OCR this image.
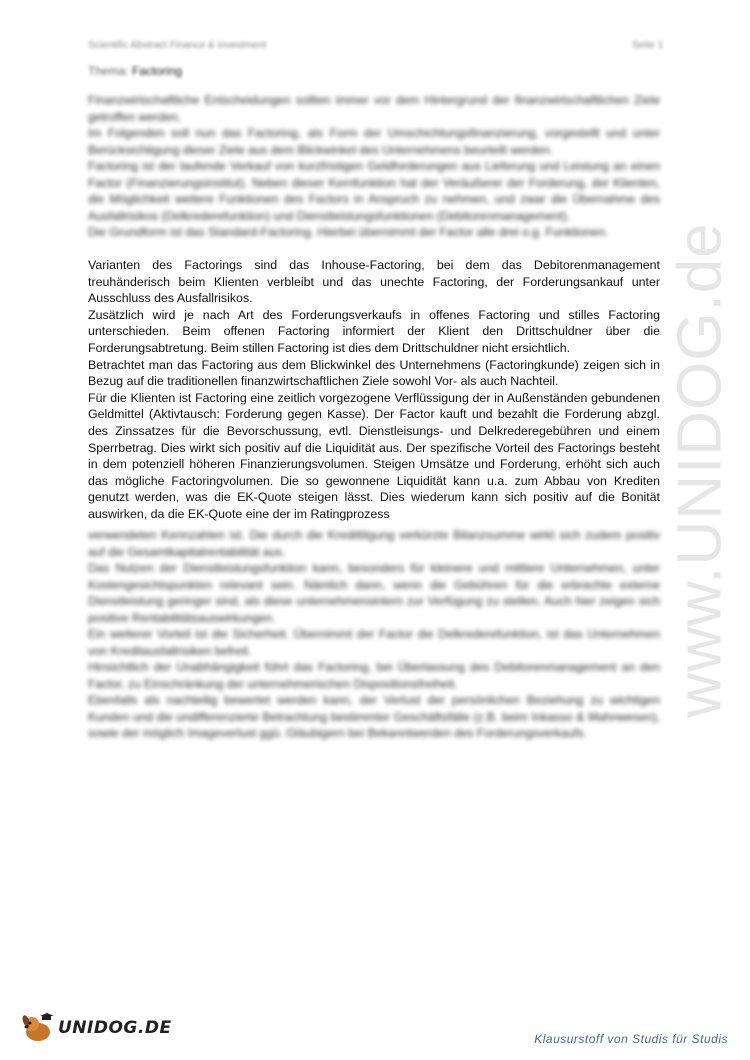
www.UNIDOG.de
Scientific Abstract Finance & Investment	Seite 1
Thema: Factoring

Finanzwirtschaftliche Entscheidungen sollten immer vor dem Hintergrund der finanzwirtschaftlichen Ziele getroffen werden.

Im Folgenden soll nun das Factoring, als Form der Umschichtungsfinanzierung, vorgestellt und unter Berücksichtigung dieser Ziele aus dem Blickwinkel des Unternehmens beurteilt werden.

Factoring ist der laufende Verkauf von kurzfristigen Geldforderungen aus Lieferung und Leistung an einen Factor (Finanzierungsinstitut). Neben dieser Kernfunktion hat der Veräußerer der Forderung, der Klienten, die Möglichkeit weitere Funktionen des Factors in Anspruch zu nehmen, und zwar die Übernahme des Ausfallrisikos (Delkrederefunktion) und Dienstleistungsfunktionen (Debitorenmanagement).

Die Grundform ist das Standard-Factoring. Hierbei übernimmt der Factor alle drei o.g. Funktionen.

Varianten des Factorings sind das Inhouse-Factoring, bei dem das Debitorenmanagement treuhänderisch beim Klienten verbleibt und das unechte Factoring, der Forderungsankauf unter Ausschluss des Ausfallrisikos.

Zusätzlich wird je nach Art des Forderungsverkaufs in offenes Factoring und stilles Factoring unterschieden. Beim offenen Factoring informiert der Klient den Drittschuldner über die Forderungsabtretung. Beim stillen Factoring ist dies dem Drittschuldner nicht ersichtlich.

Betrachtet man das Factoring aus dem Blickwinkel des Unternehmens (Factoringkunde) zeigen sich in Bezug auf die traditionellen finanzwirtschaftlichen Ziele sowohl Vor- als auch Nachteil.

Für die Klienten ist Factoring eine zeitlich vorgezogene Verflüssigung der in Außenständen gebundenen Geldmittel (Aktivtausch: Forderung gegen Kasse). Der Factor kauft und bezahlt die Forderung abzgl. des Zinssatzes für die Bevorschussung, evtl. Dienstleisungs- und Delkrederegebühren und einem Sperrbetrag. Dies wirkt sich positiv auf die Liquidität aus. Der spezifische Vorteil des Factorings besteht in dem potenziell höheren Finanzierungsvolumen. Steigen Umsätze und Forderung, erhöht sich auch das mögliche Factoringvolumen. Die so gewonnene Liquidität kann u.a. zum Abbau von Krediten genutzt werden, was die EK-Quote steigen lässt. Dies wiederum kann sich positiv auf die Bonität auswirken, da die EK-Quote eine der im Ratingprozess

verwendeten Kennzahlen ist. Die durch die Kredittilgung verkürzte Bilanzsumme wirkt sich zudem positiv auf die Gesamtkapitalrentabilität aus.

Das Nutzen der Dienstleistungsfunktion kann, besonders für kleinere und mittlere Unternehmen, unter Kostengesichtspunkten relevant sein. Nämlich dann, wenn die Gebühren für die erbrachte externe Dienstleistung geringer sind, als diese unternehmensintern zur Verfügung zu stellen. Auch hier zeigen sich positive Rentabilitätsauswirkungen.

Ein weiterer Vorteil ist die Sicherheit. Übernimmt der Factor die Delkrederefunktion, ist das Unternehmen von Kreditausfallrisiken befreit.

Hinsichtlich der Unabhängigkeit führt das Factoring, bei Überlassung des Debitorenmanagement an den Factor, zu Einschränkung der unternehmerischen Dispositionsfreiheit.

Ebenfalls als nachteilig bewertet werden kann, der Verlust der persönlichen Beziehung zu wichtigen Kunden und die undifferenzierte Betrachtung bestimmter Geschäftsfälle (z.B. beim Inkasso & Mahnwesen), sowie der möglich Imageverlust ggü. Gläubigern bei Bekanntwerden des Forderungsverkaufs.

UNIDOG.DE
Klausurstoff von Studis für Studis
